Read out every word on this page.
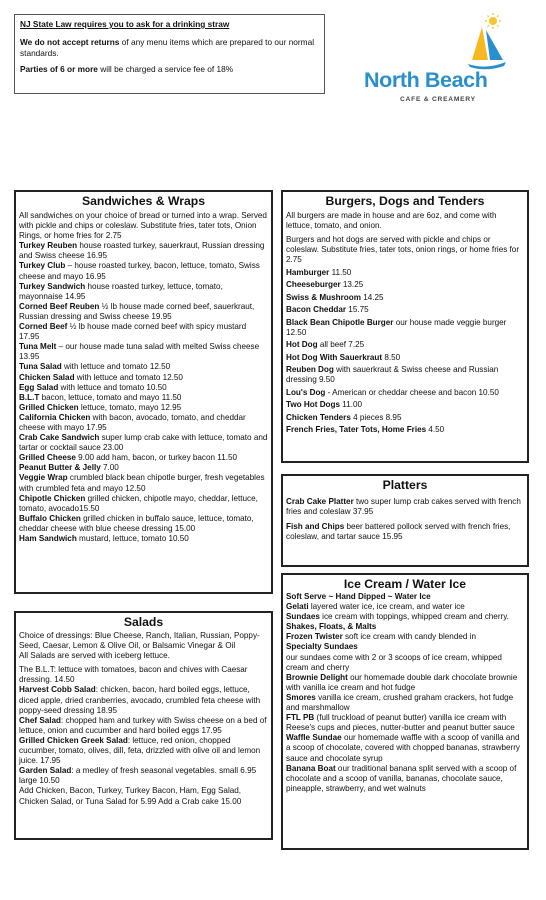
NJ State Law requires you to ask for a drinking straw

We do not accept returns of any menu items which are prepared to our normal standards.

Parties of 6 or more will be charged a service fee of 18%	North Beach
CAFE & CREAMERY
Sandwiches & Wraps

All sandwiches on your choice of bread or turned into a wrap. Served with pickle and chips or coleslaw. Substitute fries, tater tots, Onion Rings, or home fries for 2.75

Turkey Reuben house roasted turkey, sauerkraut, Russian dressing and Swiss cheese 16.95

Turkey Club – house roasted turkey, bacon, lettuce, tomato, Swiss cheese and mayo 16.95

Turkey Sandwich house roasted turkey, lettuce, tomato, mayonnaise 14.95

Corned Beef Reuben ½ lb house made corned beef, sauerkraut, Russian dressing and Swiss cheese 19.95

Corned Beef ½ lb house made corned beef with spicy mustard 17.95

Tuna Melt – our house made tuna salad with melted Swiss cheese 13.95

Tuna Salad with lettuce and tomato 12.50

Chicken Salad with lettuce and tomato 12.50

Egg Salad with lettuce and tomato 10.50

B.L.T bacon, lettuce, tomato and mayo 11.50

Grilled Chicken lettuce, tomato, mayo 12.95

California Chicken with bacon, avocado, tomato, and cheddar cheese with mayo 17.95

Crab Cake Sandwich super lump crab cake with lettuce, tomato and tartar or cocktail sauce 23.00

Grilled Cheese 9.00 add ham, bacon, or turkey bacon 11.50

Peanut Butter & Jelly 7.00

Veggie Wrap crumbled black bean chipotle burger, fresh vegetables with crumbled feta and mayo 12.50

Chipotle Chicken grilled chicken, chipotle mayo, cheddar, lettuce, tomato, avocado15.50

Buffalo Chicken grilled chicken in buffalo sauce, lettuce, tomato, cheddar cheese with blue cheese dressing 15.00

Ham Sandwich mustard, lettuce, tomato 10.50

Salads

Choice of dressings: Blue Cheese, Ranch, Italian, Russian, Poppy-Seed, Caesar, Lemon & Olive Oil, or Balsamic Vinegar & Oil

All Salads are served with iceberg lettuce.

The B.L.T: lettuce with tomatoes, bacon and chives with Caesar dressing. 14.50

Harvest Cobb Salad: chicken, bacon, hard boiled eggs, lettuce, diced apple, dried cranberries, avocado, crumbled feta cheese with poppy-seed dressing 18.95

Chef Salad: chopped ham and turkey with Swiss cheese on a bed of lettuce, onion and cucumber and hard boiled eggs 17.95

Grilled Chicken Greek Salad: lettuce, red onion, chopped cucumber, tomato, olives, dill, feta, drizzled with olive oil and lemon juice. 17.95

Garden Salad: a medley of fresh seasonal vegetables. small 6.95 large 10.50

Add Chicken, Bacon, Turkey, Turkey Bacon, Ham, Egg Salad, Chicken Salad, or Tuna Salad for 5.99 Add a Crab cake 15.00

Burgers, Dogs and Tenders

All burgers are made in house and are 6oz, and come with lettuce, tomato, and onion.

Burgers and hot dogs are served with pickle and chips or coleslaw. Substitute fries, tater tots, onion rings, or home fries for 2.75

Hamburger 11.50

Cheeseburger 13.25

Swiss & Mushroom 14.25

Bacon Cheddar 15.75

Black Bean Chipotle Burger our house made veggie burger 12.50

Hot Dog all beef 7.25

Hot Dog With Sauerkraut 8.50

Reuben Dog with sauerkraut & Swiss cheese and Russian dressing 9.50

Lou's Dog - American or cheddar cheese and bacon 10.50

Two Hot Dogs 11.00

Chicken Tenders 4 pieces 8.95

French Fries, Tater Tots, Home Fries 4.50

Platters

Crab Cake Platter two super lump crab cakes served with french fries and coleslaw 37.95

Fish and Chips beer battered pollock served with french fries, coleslaw, and tartar sauce 15.95

Ice Cream / Water Ice

Soft Serve ~ Hand Dipped ~ Water Ice

Gelati layered water ice, ice cream, and water ice

Sundaes ice cream with toppings, whipped cream and cherry.

Shakes, Floats, & Malts

Frozen Twister soft ice cream with candy blended in

Specialty Sundaes

our sundaes come with 2 or 3 scoops of ice cream, whipped cream and cherry

Brownie Delight our homemade double dark chocolate brownie with vanilla ice cream and hot fudge

Smores vanilla ice cream, crushed graham crackers, hot fudge and marshmallow

FTL PB (full truckload of peanut butter) vanilla ice cream with Reese's cups and pieces, nutter-butter and peanut butter sauce

Waffle Sundae our homemade waffle with a scoop of vanilla and a scoop of chocolate, covered with chopped bananas, strawberry sauce and chocolate syrup

Banana Boat our traditional banana split served with a scoop of chocolate and a scoop of vanilla, bananas, chocolate sauce, pineapple, strawberry, and wet walnuts
